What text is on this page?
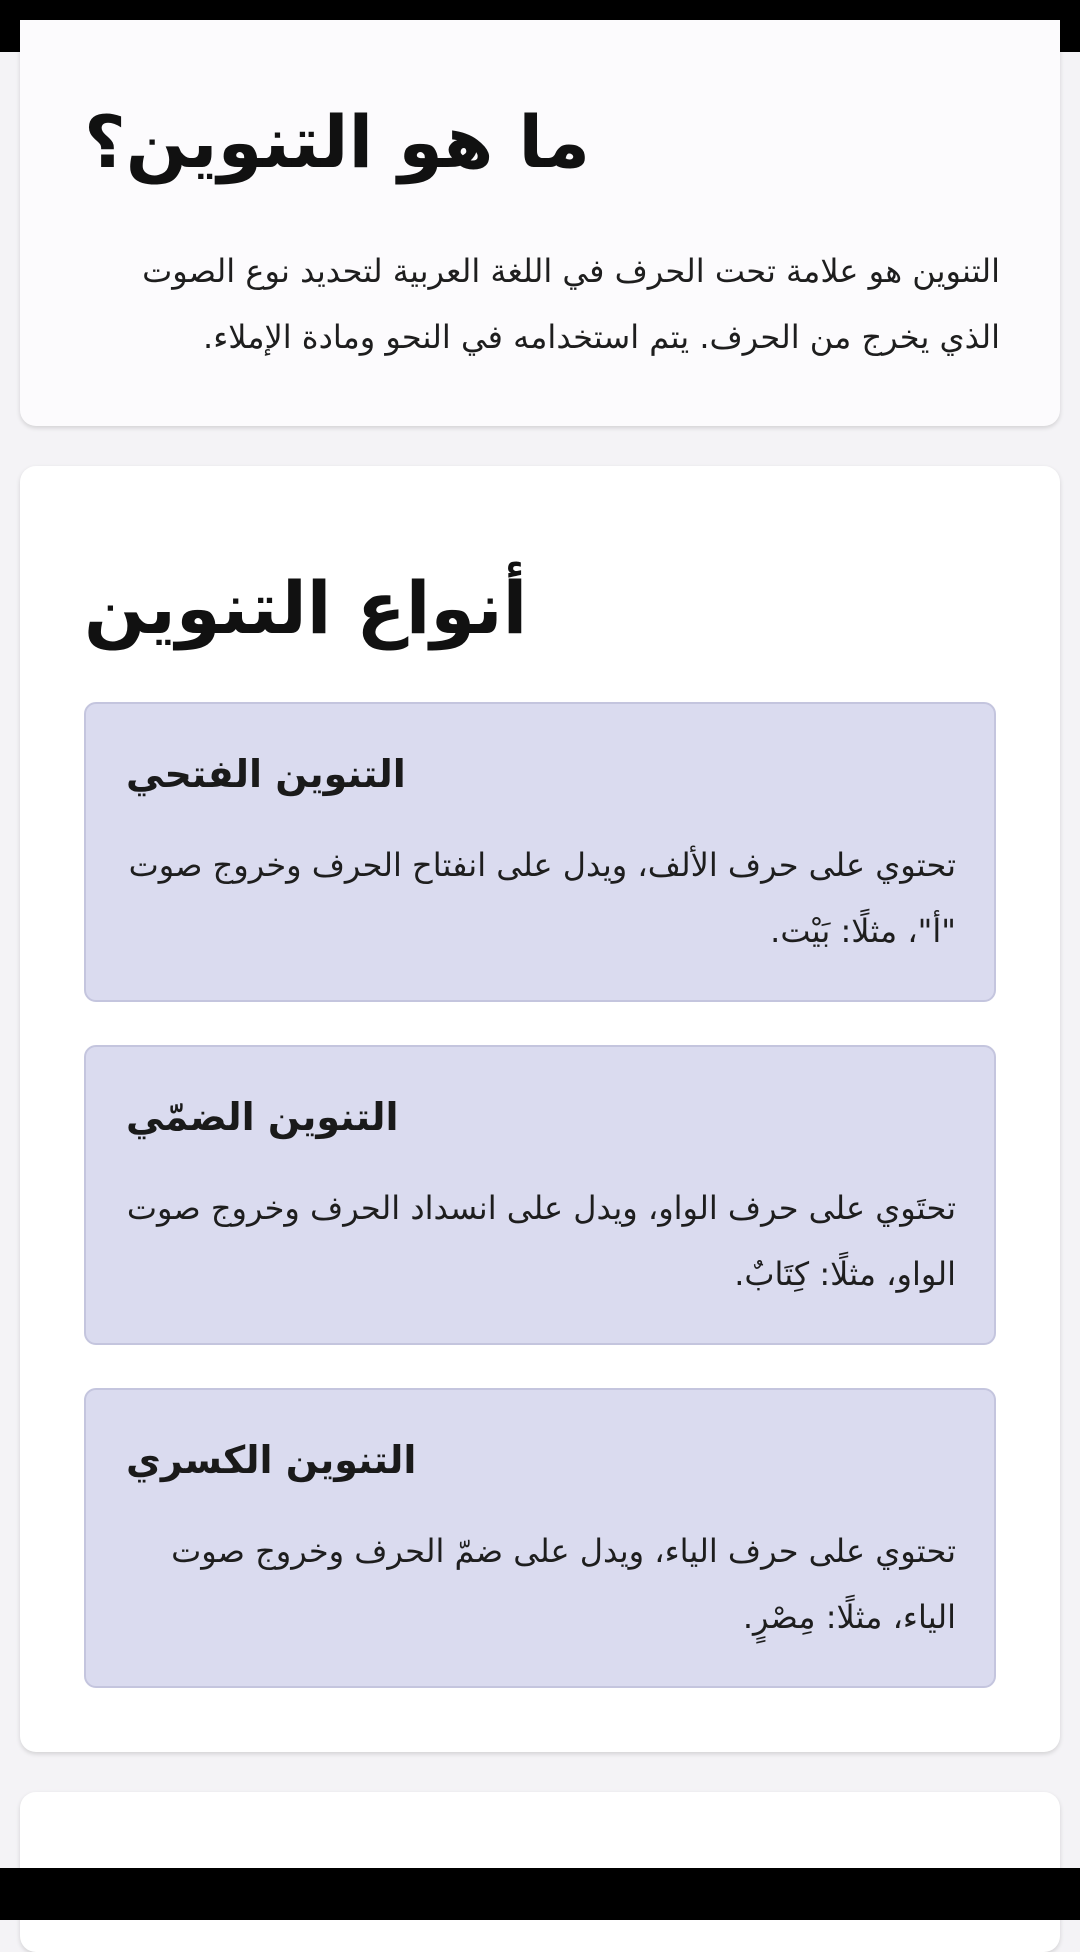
ما هو التنوين؟

التنوين هو علامة تحت الحرف في اللغة العربية لتحديد نوع الصوت الذي يخرج من الحرف. يتم استخدامه في النحو ومادة الإملاء.

أنواع التنوين
التنوين الفتحي

تحتوي على حرف الألف، ويدل على انفتاح الحرف وخروج صوت "أ"، مثلًا: بَيْت.

التنوين الضمّي

تحتَوي على حرف الواو، ويدل على انسداد الحرف وخروج صوت الواو، مثلًا: كِتَابٌ.

التنوين الكسري

تحتوي على حرف الياء، ويدل على ضمّ الحرف وخروج صوت الياء، مثلًا: مِصْرٍ.
